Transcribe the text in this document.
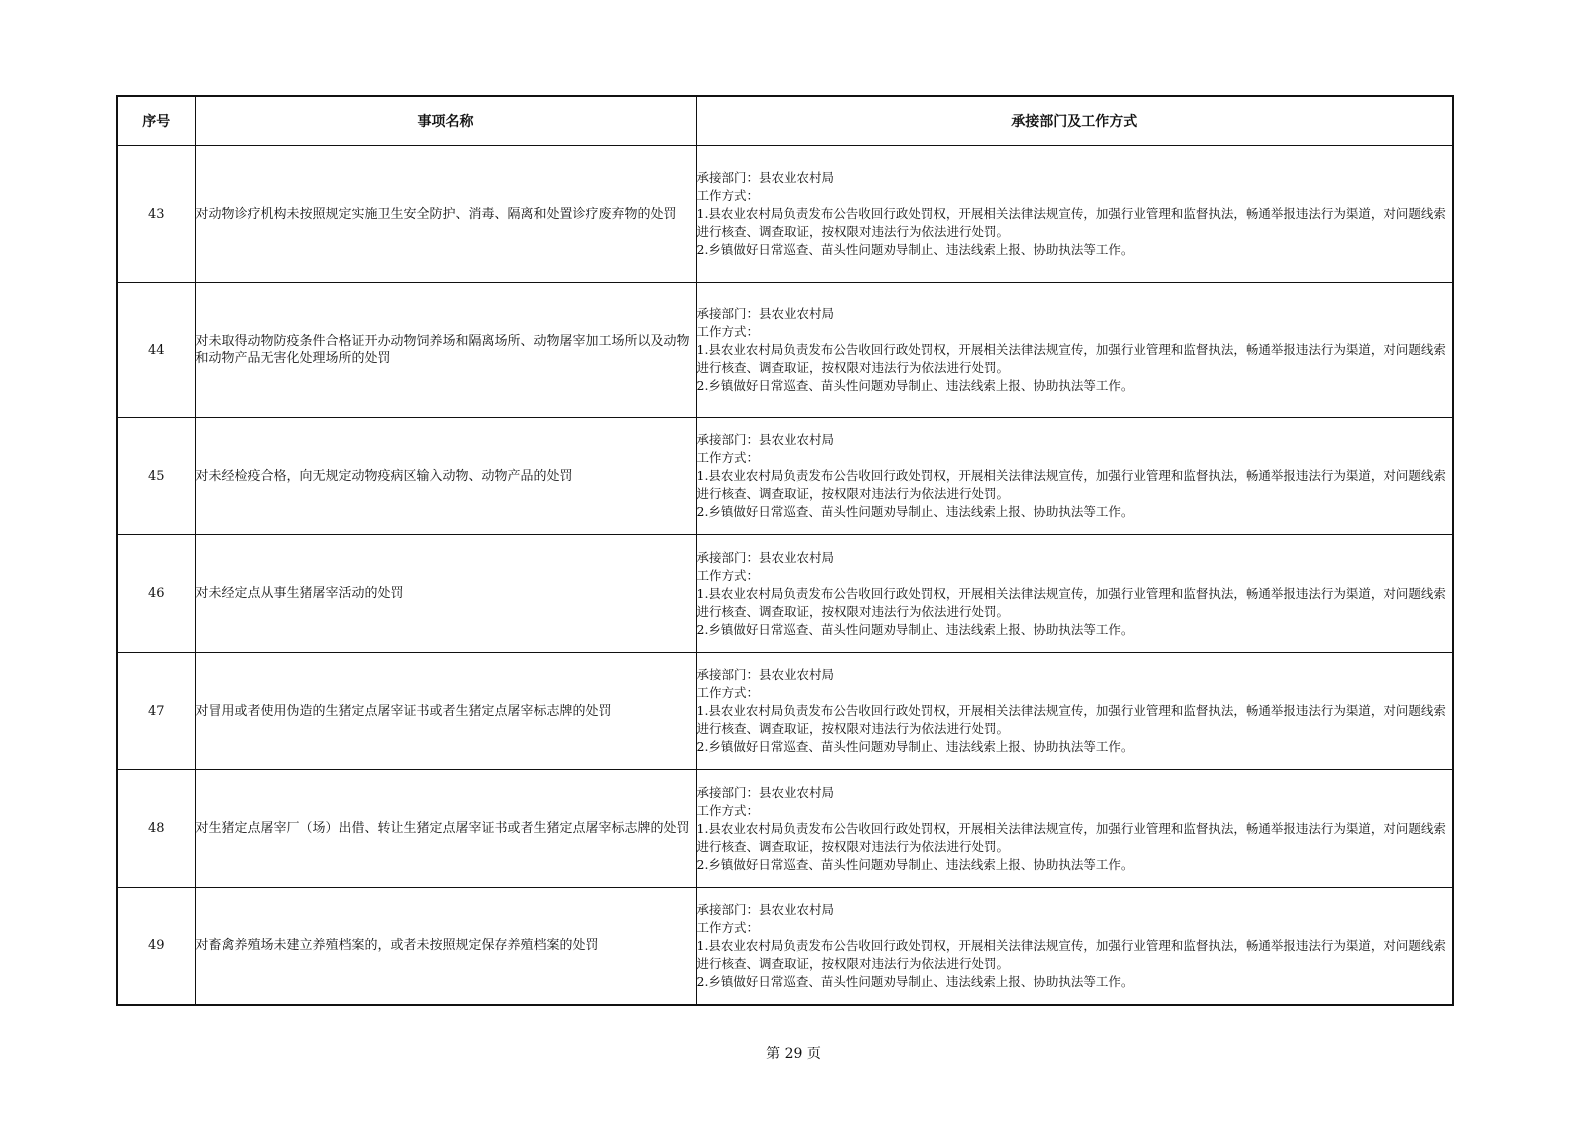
序号	事项名称	承接部门及工作方式
43	对动物诊疗机构未按照规定实施卫生安全防护、消毒、隔离和处置诊疗废弃物的处罚	承接部门：县农业农村局
工作方式：
1.县农业农村局负责发布公告收回行政处罚权，开展相关法律法规宣传，加强行业管理和监督执法，畅通举报违法行为渠道，对问题线索进行核查、调查取证，按权限对违法行为依法进行处罚。
2.乡镇做好日常巡查、苗头性问题劝导制止、违法线索上报、协助执法等工作。

44	对未取得动物防疫条件合格证开办动物饲养场和隔离场所、动物屠宰加工场所以及动物和动物产品无害化处理场所的处罚	承接部门：县农业农村局
工作方式：
1.县农业农村局负责发布公告收回行政处罚权，开展相关法律法规宣传，加强行业管理和监督执法，畅通举报违法行为渠道，对问题线索进行核查、调查取证，按权限对违法行为依法进行处罚。
2.乡镇做好日常巡查、苗头性问题劝导制止、违法线索上报、协助执法等工作。

45	对未经检疫合格，向无规定动物疫病区输入动物、动物产品的处罚	承接部门：县农业农村局
工作方式：
1.县农业农村局负责发布公告收回行政处罚权，开展相关法律法规宣传，加强行业管理和监督执法，畅通举报违法行为渠道，对问题线索进行核查、调查取证，按权限对违法行为依法进行处罚。
2.乡镇做好日常巡查、苗头性问题劝导制止、违法线索上报、协助执法等工作。

46	对未经定点从事生猪屠宰活动的处罚	承接部门：县农业农村局
工作方式：
1.县农业农村局负责发布公告收回行政处罚权，开展相关法律法规宣传，加强行业管理和监督执法，畅通举报违法行为渠道，对问题线索进行核查、调查取证，按权限对违法行为依法进行处罚。
2.乡镇做好日常巡查、苗头性问题劝导制止、违法线索上报、协助执法等工作。

47	对冒用或者使用伪造的生猪定点屠宰证书或者生猪定点屠宰标志牌的处罚	承接部门：县农业农村局
工作方式：
1.县农业农村局负责发布公告收回行政处罚权，开展相关法律法规宣传，加强行业管理和监督执法，畅通举报违法行为渠道，对问题线索进行核查、调查取证，按权限对违法行为依法进行处罚。
2.乡镇做好日常巡查、苗头性问题劝导制止、违法线索上报、协助执法等工作。

48	对生猪定点屠宰厂（场）出借、转让生猪定点屠宰证书或者生猪定点屠宰标志牌的处罚	承接部门：县农业农村局
工作方式：
1.县农业农村局负责发布公告收回行政处罚权，开展相关法律法规宣传，加强行业管理和监督执法，畅通举报违法行为渠道，对问题线索进行核查、调查取证，按权限对违法行为依法进行处罚。
2.乡镇做好日常巡查、苗头性问题劝导制止、违法线索上报、协助执法等工作。

49	对畜禽养殖场未建立养殖档案的，或者未按照规定保存养殖档案的处罚	承接部门：县农业农村局
工作方式：
1.县农业农村局负责发布公告收回行政处罚权，开展相关法律法规宣传，加强行业管理和监督执法，畅通举报违法行为渠道，对问题线索进行核查、调查取证，按权限对违法行为依法进行处罚。
2.乡镇做好日常巡查、苗头性问题劝导制止、违法线索上报、协助执法等工作。
第 29 页
